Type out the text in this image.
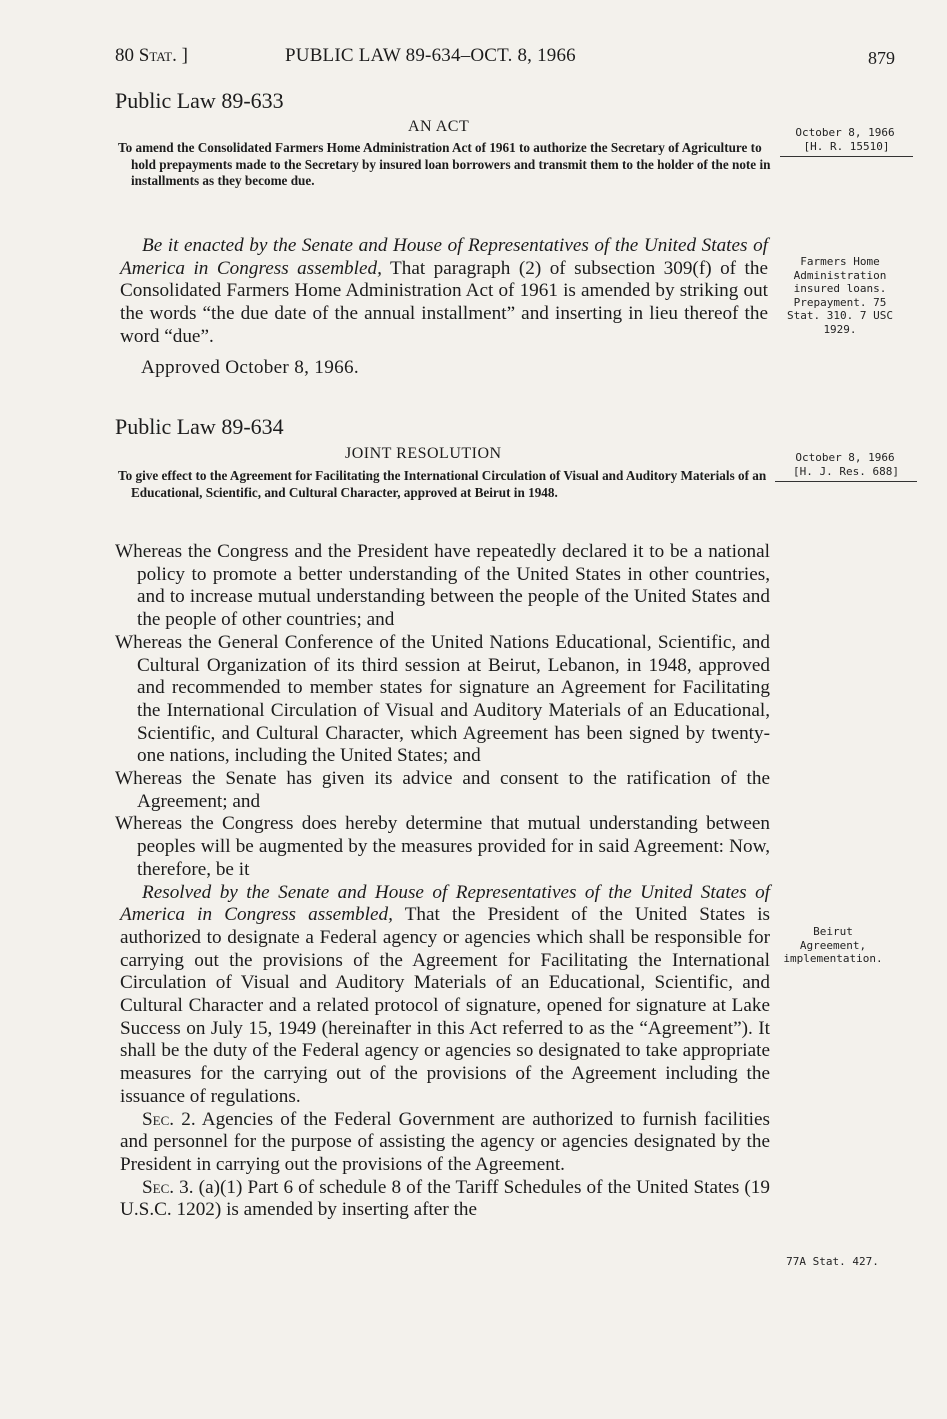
80 Stat. ]	PUBLIC LAW 89-634–OCT. 8, 1966	879
Public Law 89-633
AN ACT	October 8, 1966
[H. R. 15510]
To amend the Consolidated Farmers Home Administration Act of 1961 to authorize the Secretary of Agriculture to hold prepayments made to the Secretary by insured loan borrowers and transmit them to the holder of the note in installments as they become due.

Be it enacted by the Senate and House of Representatives of the United States of America in Congress assembled, That paragraph (2) of subsection 309(f) of the Consolidated Farmers Home Administration Act of 1961 is amended by striking out the words “the due date of the annual installment” and inserting in lieu thereof the word “due”.

Farmers Home Administration insured loans. Prepayment. 75 Stat. 310. 7 USC 1929.
Approved October 8, 1966.
Public Law 89-634
JOINT RESOLUTION	October 8, 1966
[H. J. Res. 688]
To give effect to the Agreement for Facilitating the International Circulation of Visual and Auditory Materials of an Educational, Scientific, and Cultural Character, approved at Beirut in 1948.

Whereas the Congress and the President have repeatedly declared it to be a national policy to promote a better understanding of the United States in other countries, and to increase mutual understanding between the people of the United States and the people of other countries; and

Whereas the General Conference of the United Nations Educational, Scientific, and Cultural Organization of its third session at Beirut, Lebanon, in 1948, approved and recommended to member states for signature an Agreement for Facilitating the International Circulation of Visual and Auditory Materials of an Educational, Scientific, and Cultural Character, which Agreement has been signed by twenty-one nations, including the United States; and

Whereas the Senate has given its advice and consent to the ratification of the Agreement; and

Whereas the Congress does hereby determine that mutual understanding between peoples will be augmented by the measures provided for in said Agreement: Now, therefore, be it

Resolved by the Senate and House of Representatives of the United States of America in Congress assembled, That the President of the United States is authorized to designate a Federal agency or agencies which shall be responsible for carrying out the provisions of the Agreement for Facilitating the International Circulation of Visual and Auditory Materials of an Educational, Scientific, and Cultural Character and a related protocol of signature, opened for signature at Lake Success on July 15, 1949 (hereinafter in this Act referred to as the “Agreement”). It shall be the duty of the Federal agency or agencies so designated to take appropriate measures for the carrying out of the provisions of the Agreement including the issuance of regulations.

Sec. 2. Agencies of the Federal Government are authorized to furnish facilities and personnel for the purpose of assisting the agency or agencies designated by the President in carrying out the provisions of the Agreement.

Sec. 3. (a)(1) Part 6 of schedule 8 of the Tariff Schedules of the United States (19 U.S.C. 1202) is amended by inserting after the

Beirut Agreement, implementation.
77A Stat. 427.
